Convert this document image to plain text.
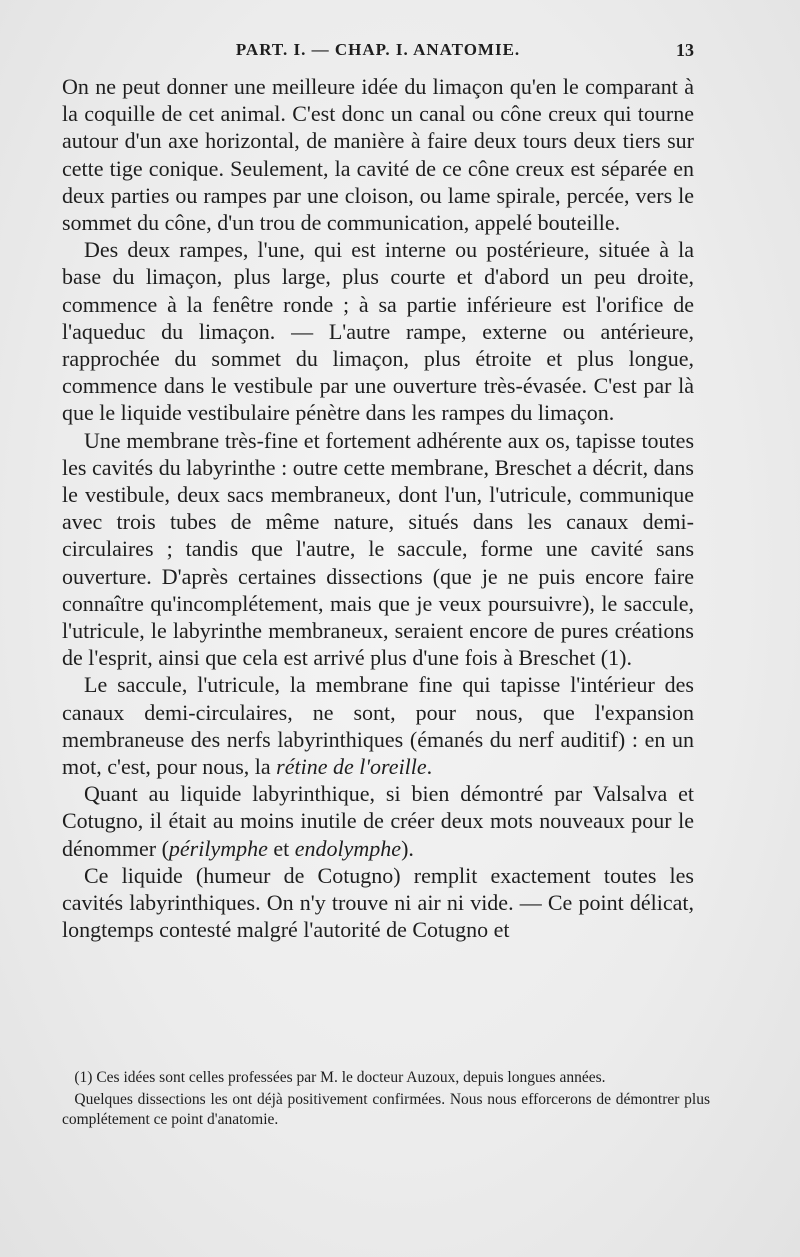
PART. I. — CHAP. I. ANATOMIE.	13

On ne peut donner une meilleure idée du limaçon qu'en le comparant à la coquille de cet animal. C'est donc un canal ou cône creux qui tourne autour d'un axe horizontal, de manière à faire deux tours deux tiers sur cette tige conique. Seulement, la cavité de ce cône creux est séparée en deux parties ou rampes par une cloison, ou lame spirale, percée, vers le sommet du cône, d'un trou de communication, appelé bouteille.

Des deux rampes, l'une, qui est interne ou postérieure, située à la base du limaçon, plus large, plus courte et d'abord un peu droite, commence à la fenêtre ronde ; à sa partie inférieure est l'orifice de l'aqueduc du limaçon. — L'autre rampe, externe ou antérieure, rapprochée du sommet du limaçon, plus étroite et plus longue, commence dans le vestibule par une ouverture très-évasée. C'est par là que le liquide vestibulaire pénètre dans les rampes du limaçon.

Une membrane très-fine et fortement adhérente aux os, tapisse toutes les cavités du labyrinthe : outre cette membrane, Breschet a décrit, dans le vestibule, deux sacs membraneux, dont l'un, l'utricule, communique avec trois tubes de même nature, situés dans les canaux demi-circulaires ; tandis que l'autre, le saccule, forme une cavité sans ouverture. D'après certaines dissections (que je ne puis encore faire connaître qu'incomplétement, mais que je veux poursuivre), le saccule, l'utricule, le labyrinthe membraneux, seraient encore de pures créations de l'esprit, ainsi que cela est arrivé plus d'une fois à Breschet (1).

Le saccule, l'utricule, la membrane fine qui tapisse l'intérieur des canaux demi-circulaires, ne sont, pour nous, que l'expansion membraneuse des nerfs labyrinthiques (émanés du nerf auditif) : en un mot, c'est, pour nous, la rétine de l'oreille.

Quant au liquide labyrinthique, si bien démontré par Valsalva et Cotugno, il était au moins inutile de créer deux mots nouveaux pour le dénommer (périlymphe et endolymphe).

Ce liquide (humeur de Cotugno) remplit exactement toutes les cavités labyrinthiques. On n'y trouve ni air ni vide. — Ce point délicat, longtemps contesté malgré l'autorité de Cotugno et

(1) Ces idées sont celles professées par M. le docteur Auzoux, depuis longues années.

Quelques dissections les ont déjà positivement confirmées. Nous nous efforcerons de démontrer plus complétement ce point d'anatomie.
